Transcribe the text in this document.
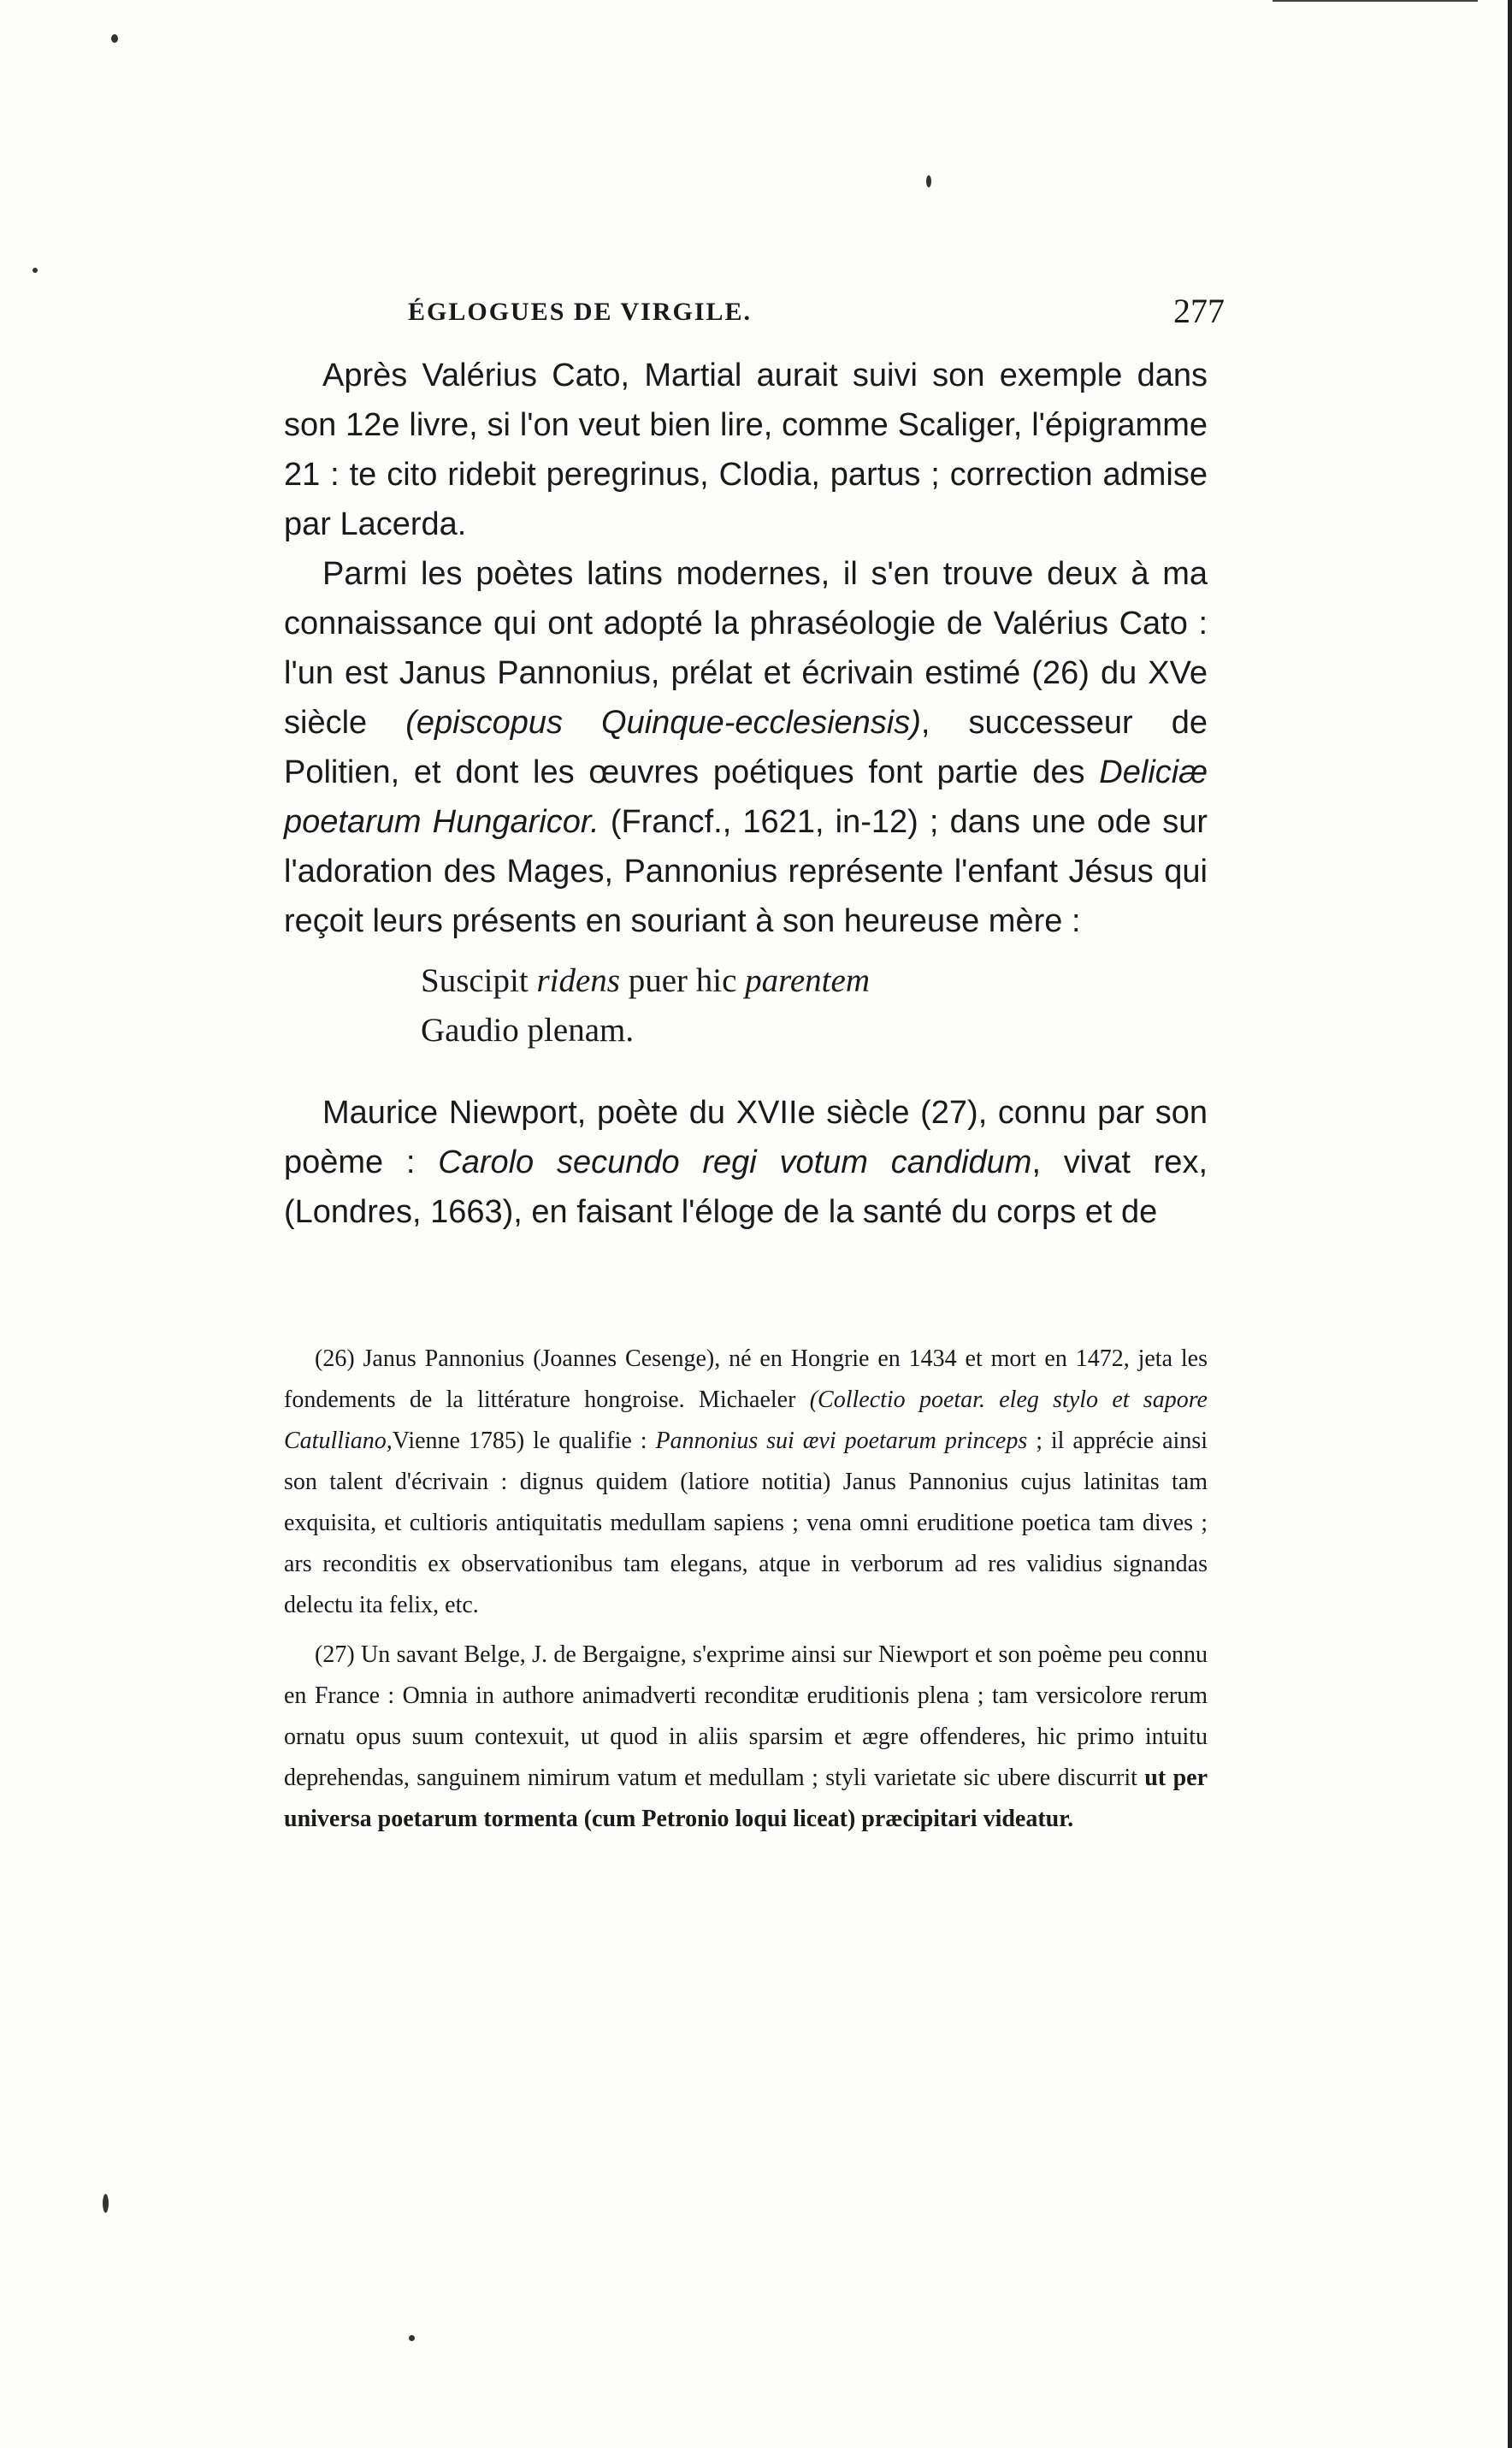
ÉGLOGUES DE VIRGILE.	277

Après Valérius Cato, Martial aurait suivi son exemple dans son 12e livre, si l'on veut bien lire, comme Scaliger, l'épigramme 21 : te cito ridebit peregrinus, Clodia, partus ; correction admise par Lacerda.

Parmi les poètes latins modernes, il s'en trouve deux à ma connaissance qui ont adopté la phraséologie de Valérius Cato : l'un est Janus Pannonius, prélat et écrivain estimé (26) du XVe siècle (episcopus Quinque-ecclesiensis), successeur de Politien, et dont les œuvres poétiques font partie des Deliciæ poetarum Hungaricor. (Francf., 1621, in-12) ; dans une ode sur l'adoration des Mages, Pannonius représente l'enfant Jésus qui reçoit leurs présents en souriant à son heureuse mère :

Suscipit ridens puer hic parentem
Gaudio plenam.

Maurice Niewport, poète du XVIIe siècle (27), connu par son poème : Carolo secundo regi votum candidum, vivat rex, (Londres, 1663), en faisant l'éloge de la santé du corps et de

(26) Janus Pannonius (Joannes Cesenge), né en Hongrie en 1434 et mort en 1472, jeta les fondements de la littérature hongroise. Michaeler (Collectio poetar. eleg stylo et sapore Catulliano,Vienne 1785) le qualifie : Pannonius sui ævi poetarum princeps ; il apprécie ainsi son talent d'écrivain : dignus quidem (latiore notitia) Janus Pannonius cujus latinitas tam exquisita, et cultioris antiquitatis medullam sapiens ; vena omni eruditione poetica tam dives ; ars reconditis ex observationibus tam elegans, atque in verborum ad res validius signandas delectu ita felix, etc.

(27) Un savant Belge, J. de Bergaigne, s'exprime ainsi sur Niewport et son poème peu connu en France : Omnia in authore animadverti reconditæ eruditionis plena ; tam versicolore rerum ornatu opus suum contexuit, ut quod in aliis sparsim et ægre offenderes, hic primo intuitu deprehendas, sanguinem nimirum vatum et medullam ; styli varietate sic ubere discurrit ut per universa poetarum tormenta (cum Petronio loqui liceat) præcipitari videatur.
